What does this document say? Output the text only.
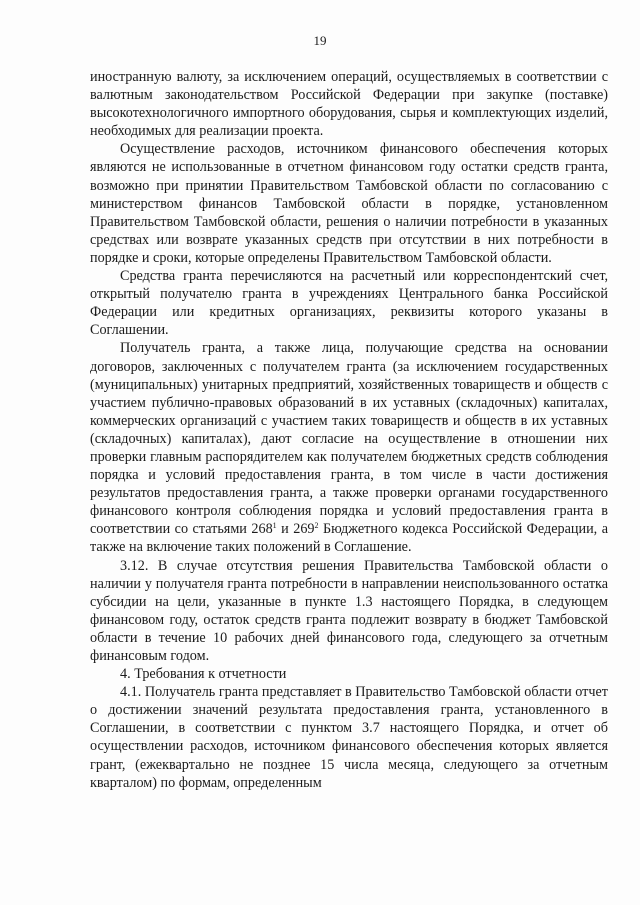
19

иностранную валюту, за исключением операций, осуществляемых в соответствии с валютным законодательством Российской Федерации при закупке (поставке) высокотехнологичного импортного оборудования, сырья и комплектующих изделий, необходимых для реализации проекта.

Осуществление расходов, источником финансового обеспечения которых являются не использованные в отчетном финансовом году остатки средств гранта, возможно при принятии Правительством Тамбовской области по согласованию с министерством финансов Тамбовской области в порядке, установленном Правительством Тамбовской области, решения о наличии потребности в указанных средствах или возврате указанных средств при отсутствии в них потребности в порядке и сроки, которые определены Правительством Тамбовской области.

Средства гранта перечисляются на расчетный или корреспондентский счет, открытый получателю гранта в учреждениях Центрального банка Российской Федерации или кредитных организациях, реквизиты которого указаны в Соглашении.

Получатель гранта, а также лица, получающие средства на основании договоров, заключенных с получателем гранта (за исключением государственных (муниципальных) унитарных предприятий, хозяйственных товариществ и обществ с участием публично-правовых образований в их уставных (складочных) капиталах, коммерческих организаций с участием таких товариществ и обществ в их уставных (складочных) капиталах), дают согласие на осуществление в отношении них проверки главным распорядителем как получателем бюджетных средств соблюдения порядка и условий предоставления гранта, в том числе в части достижения результатов предоставления гранта, а также проверки органами государственного финансового контроля соблюдения порядка и условий предоставления гранта в соответствии со статьями $268^1$ и $269^2$ Бюджетного кодекса Российской Федерации, а также на включение таких положений в Соглашение.

3.12. В случае отсутствия решения Правительства Тамбовской области о наличии у получателя гранта потребности в направлении неиспользованного остатка субсидии на цели, указанные в пункте 1.3 настоящего Порядка, в следующем финансовом году, остаток средств гранта подлежит возврату в бюджет Тамбовской области в течение 10 рабочих дней финансового года, следующего за отчетным финансовым годом.

4. Требования к отчетности

4.1. Получатель гранта представляет в Правительство Тамбовской области отчет о достижении значений результата предоставления гранта, установленного в Соглашении, в соответствии с пунктом 3.7 настоящего Порядка, и отчет об осуществлении расходов, источником финансового обеспечения которых является грант, (ежеквартально не позднее 15 числа месяца, следующего за отчетным кварталом) по формам, определенным
